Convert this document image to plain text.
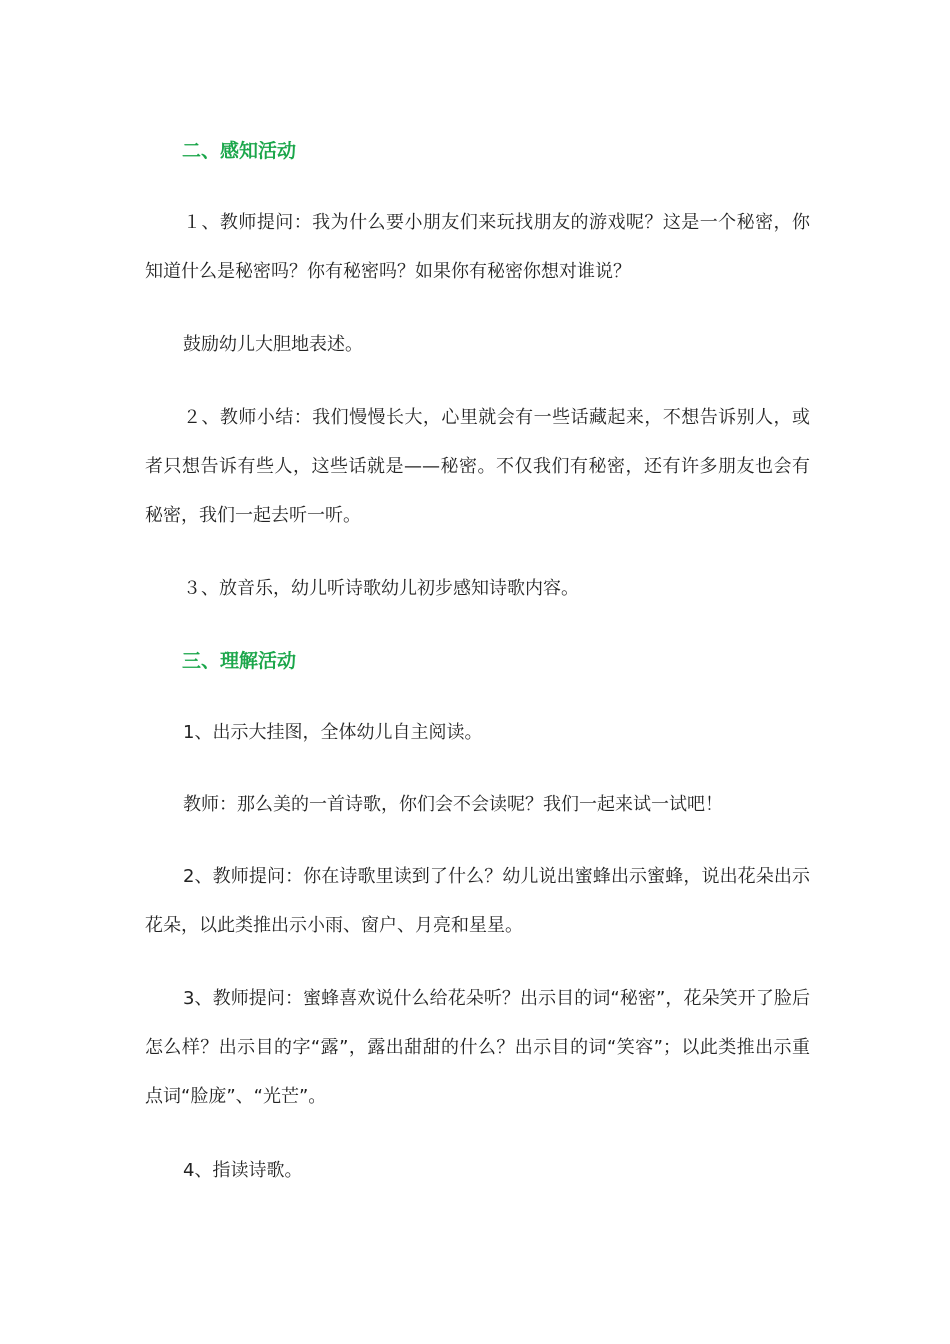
二、感知活动

１、教师提问：我为什么要小朋友们来玩找朋友的游戏呢？这是一个秘密，你知道什么是秘密吗？你有秘密吗？如果你有秘密你想对谁说？

鼓励幼儿大胆地表述。

２、教师小结：我们慢慢长大，心里就会有一些话藏起来，不想告诉别人，或者只想告诉有些人，这些话就是——秘密。不仅我们有秘密，还有许多朋友也会有秘密，我们一起去听一听。

３、放音乐，幼儿听诗歌幼儿初步感知诗歌内容。

三、理解活动

1、出示大挂图，全体幼儿自主阅读。

教师：那么美的一首诗歌，你们会不会读呢？我们一起来试一试吧！

2、教师提问：你在诗歌里读到了什么？幼儿说出蜜蜂出示蜜蜂，说出花朵出示花朵，以此类推出示小雨、窗户、月亮和星星。

3、教师提问：蜜蜂喜欢说什么给花朵听？出示目的词“秘密”，花朵笑开了脸后怎么样？出示目的字“露”，露出甜甜的什么？出示目的词“笑容”；以此类推出示重点词“脸庞”、“光芒”。

4、指读诗歌。
